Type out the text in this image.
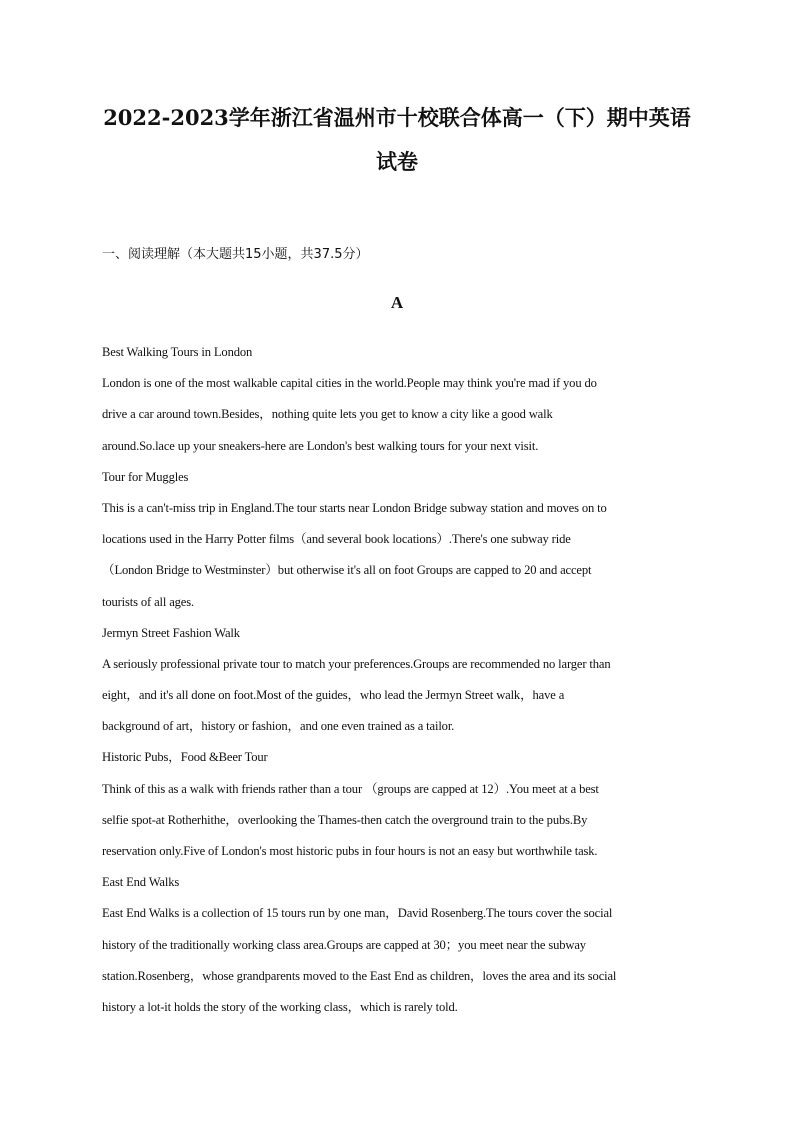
2022-2023学年浙江省温州市十校联合体高一（下）期中英语试卷
一、阅读理解（本大题共15小题，共37.5分）
A
Best Walking Tours in London
London is one of the most walkable capital cities in the world.People may think you're mad if you do
drive a car around town.Besides，nothing quite lets you get to know a city like a good walk
around.So.lace up your sneakers-here are London's best walking tours for your next visit.
Tour for Muggles
This is a can't-miss trip in England.The tour starts near London Bridge subway station and moves on to
locations used in the Harry Potter films（and several book locations）.There's one subway ride
（London Bridge to Westminster）but otherwise it's all on foot Groups are capped to 20 and accept
tourists of all ages.
Jermyn Street Fashion Walk
A seriously professional private tour to match your preferences.Groups are recommended no larger than
eight，and it's all done on foot.Most of the guides，who lead the Jermyn Street walk，have a
background of art，history or fashion，and one even trained as a tailor.
Historic Pubs，Food &Beer Tour
Think of this as a walk with friends rather than a tour （groups are capped at 12）.You meet at a best
selfie spot-at Rotherhithe，overlooking the Thames-then catch the overground train to the pubs.By
reservation only.Five of London's most historic pubs in four hours is not an easy but worthwhile task.
East End Walks
East End Walks is a collection of 15 tours run by one man，David Rosenberg.The tours cover the social
history of the traditionally working class area.Groups are capped at 30；you meet near the subway
station.Rosenberg，whose grandparents moved to the East End as children，loves the area and its social
history a lot-it holds the story of the working class，which is rarely told.
